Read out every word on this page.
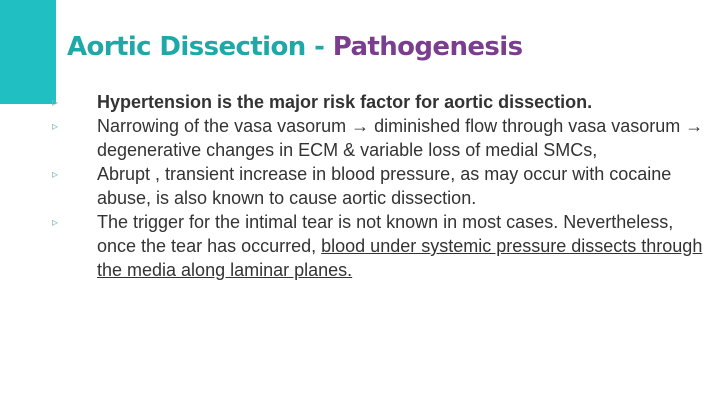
Aortic Dissection - Pathogenesis
▹ Hypertension is the major risk factor for aortic dissection.
▹ Narrowing of the vasa vasorum → diminished flow through vasa vasorum → degenerative changes in ECM & variable loss of medial SMCs,
▹ Abrupt , transient increase in blood pressure, as may occur with cocaine abuse, is also known to cause aortic dissection.
▹ The trigger for the intimal tear is not known in most cases. Nevertheless, once the tear has occurred, blood under systemic pressure dissects through the media along laminar planes.
